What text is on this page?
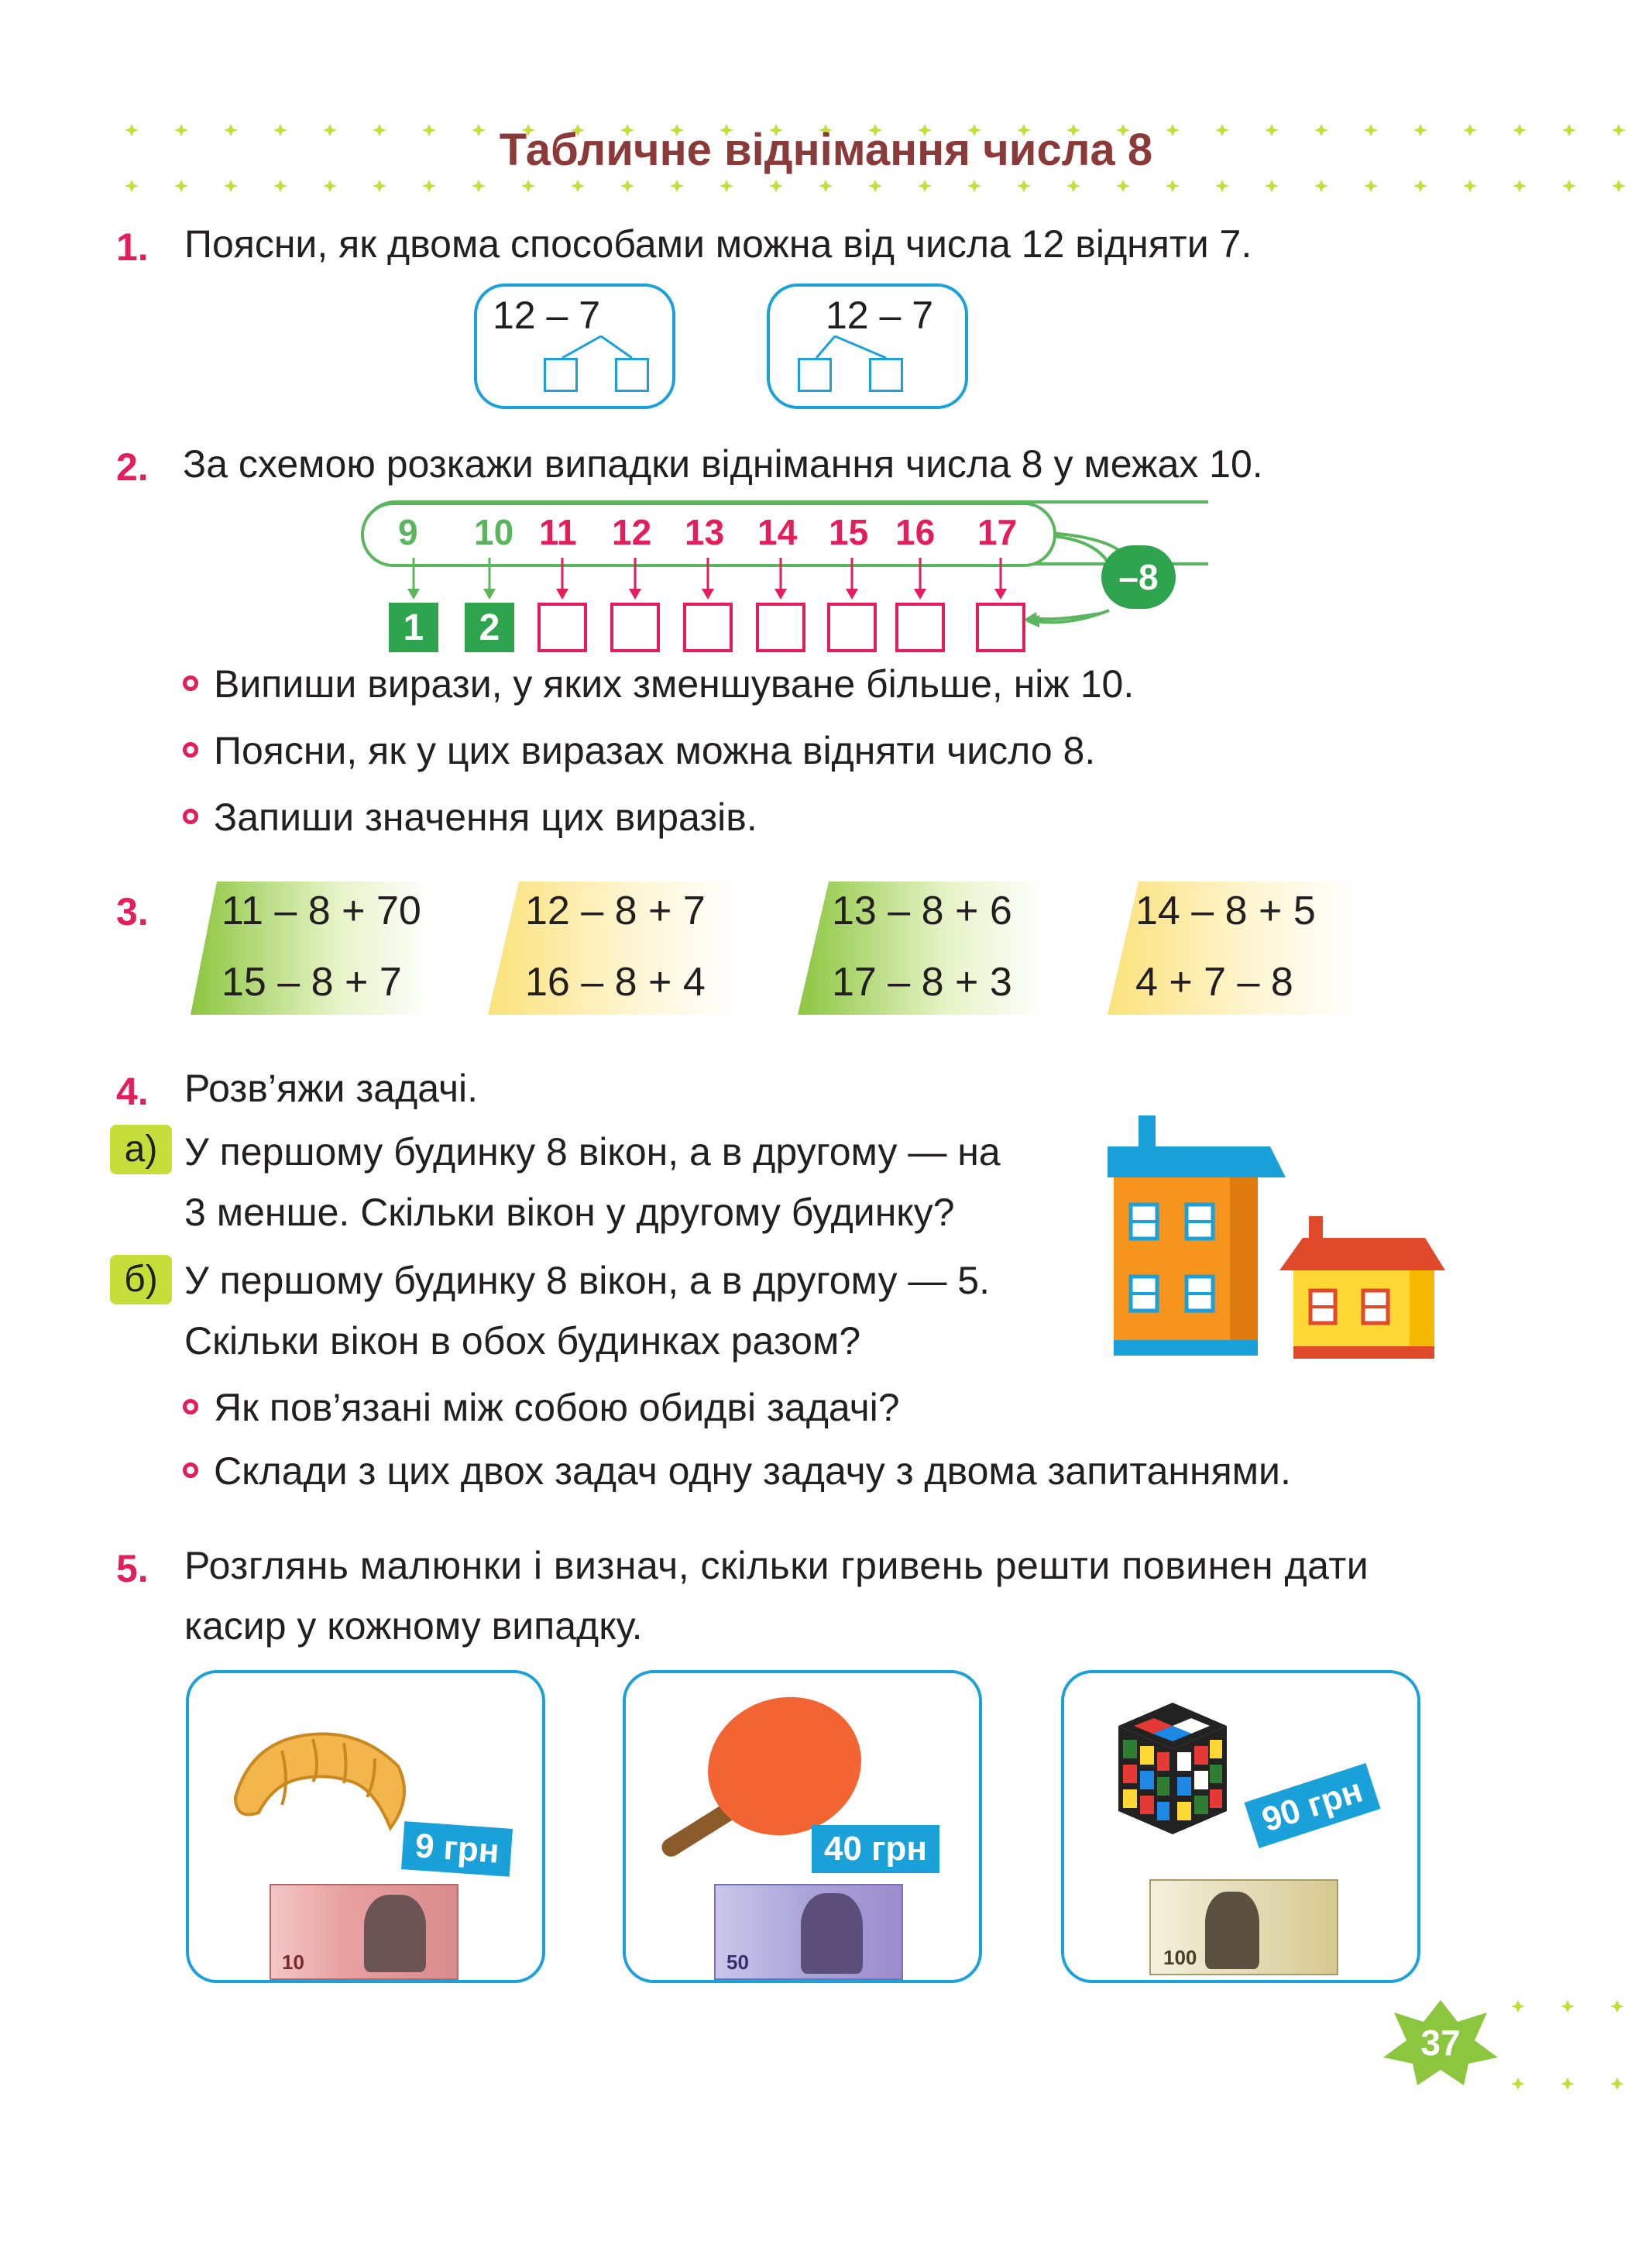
Табличне віднімання числа 8
1. Поясни, як двома способами можна від числа 12 відняти 7.
12 – 7	12 – 7
2. За схемою розкажи випадки віднімання числа 8 у межах 10.
9 10 11 12 13 14 15 16 17
1	2
–8
Випиши вирази, у яких зменшуване більше, ніж 10.
Поясни, як у цих виразах можна відняти число 8.
Запиши значення цих виразів.
3. 11 – 8 + 70
15 – 8 + 7
12 – 8 + 7
16 – 8 + 4
13 – 8 + 6
17 – 8 + 3
14 – 8 + 5
4 + 7 – 8
4. Розв’яжи задачі.
а) У першому будинку 8 вікон, а в другому — на
3 менше. Скільки вікон у другому будинку?
б) У першому будинку 8 вікон, а в другому — 5.
Скільки вікон в обох будинках разом?
Як пов’язані між собою обидві задачі?
Склади з цих двох задач одну задачу з двома запитаннями.
5. Розглянь малюнки і визнач, скільки гривень решти повинен дати
касир у кожному випадку.
9 грн
10
40 грн
50
90 грн
100
37
